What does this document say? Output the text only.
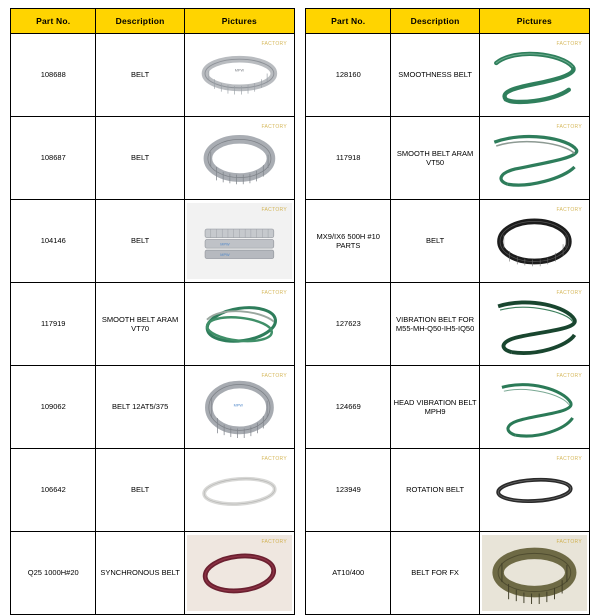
Part No.	Description	Pictures
108688	BELT	FACTORY
MPW

108687	BELT	FACTORY

104146	BELT	FACTORY
MPW
MPW

117919	SMOOTH BELT ARAM VT70	FACTORY

109062	BELT 12AT5/375	FACTORY
MPW

106642	BELT	FACTORY

Q25 1000H#20	SYNCHRONOUS BELT	FACTORY
Part No.	Description	Pictures
128160	SMOOTHNESS BELT	FACTORY

117918	SMOOTH BELT ARAM VT50	FACTORY

MX9/IX6 500H #10 PARTS	BELT	FACTORY

127623	VIBRATION BELT FOR M55-MH-Q50-IH5-IQ50	FACTORY

124669	HEAD VIBRATION BELT MPH9	FACTORY

123949	ROTATION BELT	FACTORY

AT10/400	BELT FOR FX	FACTORY
